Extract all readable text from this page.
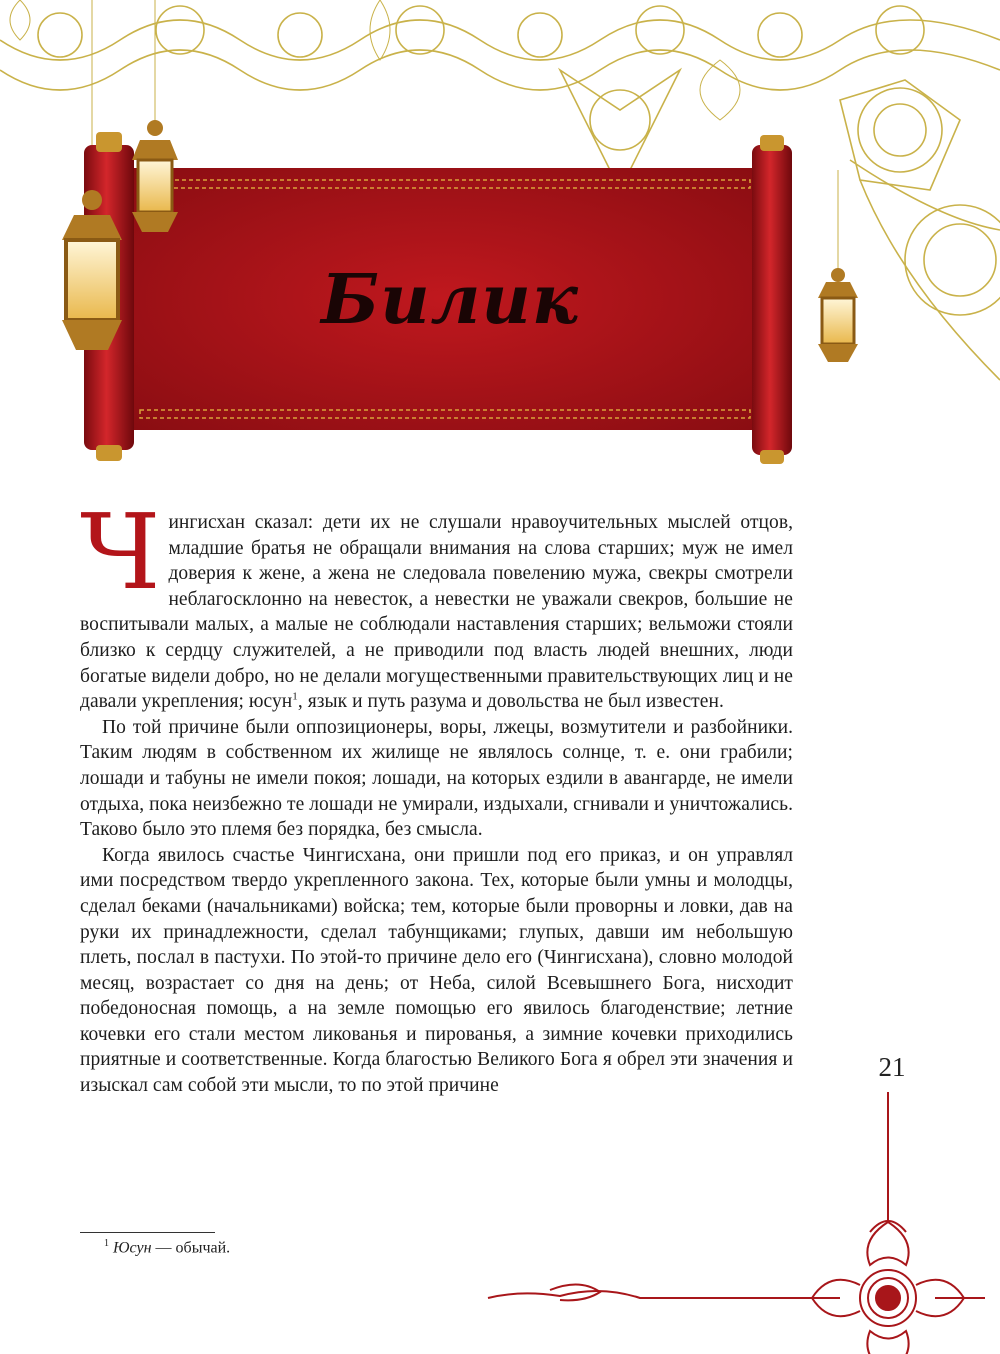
Билик

Чингисхан сказал: дети их не слушали нравоучительных мыслей отцов, младшие братья не обращали внимания на слова старших; муж не имел доверия к жене, а жена не следовала повелению мужа, свекры смотрели неблагосклонно на невесток, а невестки не уважали свекров, большие не воспитывали малых, а малые не соблюдали наставления старших; вельможи стояли близко к сердцу служителей, а не приводили под власть людей внешних, люди богатые видели добро, но не делали могущественными правительствующих лиц и не давали укрепления; юсун$^1$, язык и путь разума и довольства не был известен.

По той причине были оппозиционеры, воры, лжецы, возмутители и разбойники. Таким людям в собственном их жилище не являлось солнце, т. е. они грабили; лошади и табуны не имели покоя; лошади, на которых ездили в авангарде, не имели отдыха, пока неизбежно те лошади не умирали, издыхали, сгнивали и уничтожались. Таково было это племя без порядка, без смысла.

Когда явилось счастье Чингисхана, они пришли под его приказ, и он управлял ими посредством твердо укрепленного закона. Тех, которые были умны и молодцы, сделал беками (начальниками) войска; тем, которые были проворны и ловки, дав на руки их принадлежности, сделал табунщиками; глупых, давши им небольшую плеть, послал в пастухи. По этой-то причине дело его (Чингисхана), словно молодой месяц, возрастает со дня на день; от Неба, силой Всевышнего Бога, нисходит победоносная помощь, а на земле помощью его явилось благоденствие; летние кочевки его стали местом ликованья и пированья, а зимние кочевки приходились приятные и соответственные. Когда благостью Великого Бога я обрел эти значения и изыскал сам собой эти мысли, то по этой причине

$^1$ Юсун — обычай.
21
